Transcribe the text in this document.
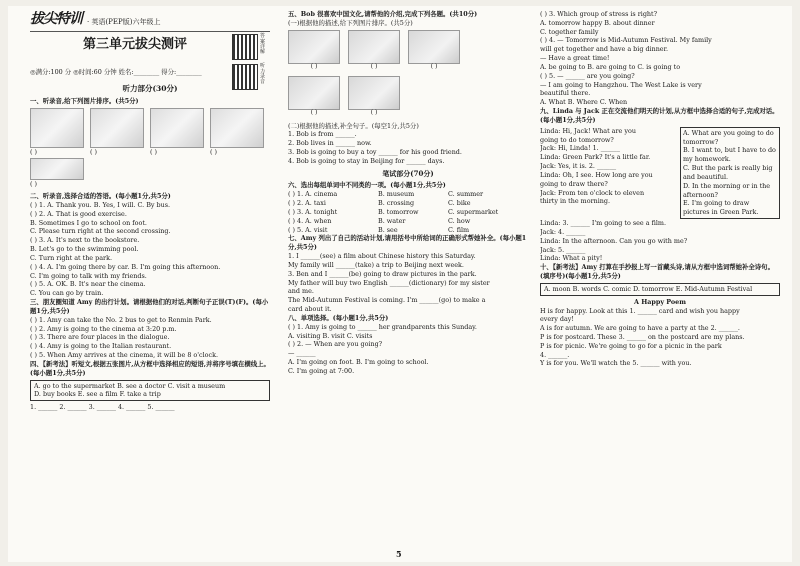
拔尖特训 · 英语(PEP版)六年级上
第三单元拔尖测评
答案详解
◎满分:100 分 ◎时间:60 分钟 姓名:________ 得分:________
听力录音
听力部分(30分)
一、听录音,给下列图片排序。(共5分)
( )	( )	( )	( )
( )
二、听录音,选择合适的答语。(每小题1分,共5分)
( ) 1. A. Thank you. B. Yes, I will. C. By bus.
( ) 2. A. That is good exercise.
B. Sometimes I go to school on foot.
C. Please turn right at the second crossing.
( ) 3. A. It's next to the bookstore.
B. Let's go to the swimming pool.
C. Turn right at the park.
( ) 4. A. I'm going there by car. B. I'm going this afternoon.
C. I'm going to talk with my friends.
( ) 5. A. OK. B. It's near the cinema.
C. You can go by train.
三、朋友圈知道 Amy 的出行计划。请根据他们的对话,判断句子正误(T)(F)。(每小题1分,共5分)
( ) 1. Amy can take the No. 2 bus to get to Renmin Park.
( ) 2. Amy is going to the cinema at 3:20 p.m.
( ) 3. There are four places in the dialogue.
( ) 4. Amy is going to the Italian restaurant.
( ) 5. When Amy arrives at the cinema, it will be 8 o'clock.
四、【新考法】听短文,根据五张图片,从方框中选择相应的短语,并将序号填在横线上。(每小题1分,共5分)
A. go to the supermarket B. see a doctor C. visit a museum
D. buy books E. see a film F. take a trip
1. ______ 2. ______ 3. ______ 4. ______ 5. ______
五、Bob 很喜欢中国文化,请帮他的介绍,完成下列各题。(共10分)
(一)根据他的描述,给下列图片排序。(共5分)
( )	( )	( )
( )	( )
(二)根据他的描述,补全句子。(每空1分,共5分)
1. Bob is from ______.
2. Bob lives in ______ now.
3. Bob is going to buy a toy ______ for his good friend.
4. Bob is going to stay in Beijing for ______ days.
笔试部分(70分)
六、选出每组单词中不同类的一项。(每小题1分,共5分)
( ) 1. A. cinema	B. museum	C. summer
( ) 2. A. taxi	B. crossing	C. bike
( ) 3. A. tonight	B. tomorrow	C. supermarket
( ) 4. A. when	B. water	C. how
( ) 5. A. visit	B. see	C. film
七、Amy 列出了自己的活动计划,请用括号中所给词的正确形式帮她补全。(每小题1分,共5分)
1. I ______(see) a film about Chinese history this Saturday.
My family will ______(take) a trip to Beijing next week.
3. Ben and I ______(be) going to draw pictures in the park.
My father will buy two English ______(dictionary) for my sister
and me.
The Mid-Autumn Festival is coming. I'm ______(go) to make a
card about it.
八、单项选择。(每小题1分,共5分)
( ) 1. Amy is going to ______ her grandparents this Sunday.
A. visiting B. visit C. visits
( ) 2. — When are you going?
— ______
A. I'm going on foot. B. I'm going to school.
C. I'm going at 7:00.
( ) 3. Which group of stress is right?
A. tomorrow happy B. about dinner
C. together family
( ) 4. — Tomorrow is Mid-Autumn Festival. My family
will get together and have a big dinner.
— Have a great time!
A. be going to B. are going to C. is going to
( ) 5. — ______ are you going?
— I am going to Hangzhou. The West Lake is very
beautiful there.
A. What B. Where C. When
九、Linda 与 Jack 正在交流他们明天的计划,从方框中选择合适的句子,完成对话。(每小题1分,共5分)
Linda: Hi, Jack! What are you
going to do tomorrow?
Jack: Hi, Linda! 1. ______
Linda: Green Park? It's a little far.
Jack: Yes, it is. 2. ______
Linda: Oh, I see. How long are you
going to draw there?
Jack: From ten o'clock to eleven
thirty in the morning.
A. What are you going to do tomorrow?
B. I want to, but I have to do my homework.
C. But the park is really big and beautiful.
D. In the morning or in the afternoon?
E. I'm going to draw pictures in Green Park.
Linda: 3. ______ I'm going to see a film.
Jack: 4. ______
Linda: In the afternoon. Can you go with me?
Jack: 5. ______
Linda: What a pity!
十、【新考法】Amy 打算在手抄报上写一首藏头诗,请从方框中选词帮她补全诗句。(填序号)(每小题1分,共5分)
A. moon B. words C. comic D. tomorrow E. Mid-Autumn Festival
A Happy Poem
H is for happy. Look at this 1. ______ card and wish you happy
every day!
A is for autumn. We are going to have a party at the 2. ______.
P is for postcard. These 3. ______ on the postcard are my plans.
P is for picnic. We're going to go for a picnic in the park
4. ______.
Y is for you. We'll watch the 5. ______ with you.
5
